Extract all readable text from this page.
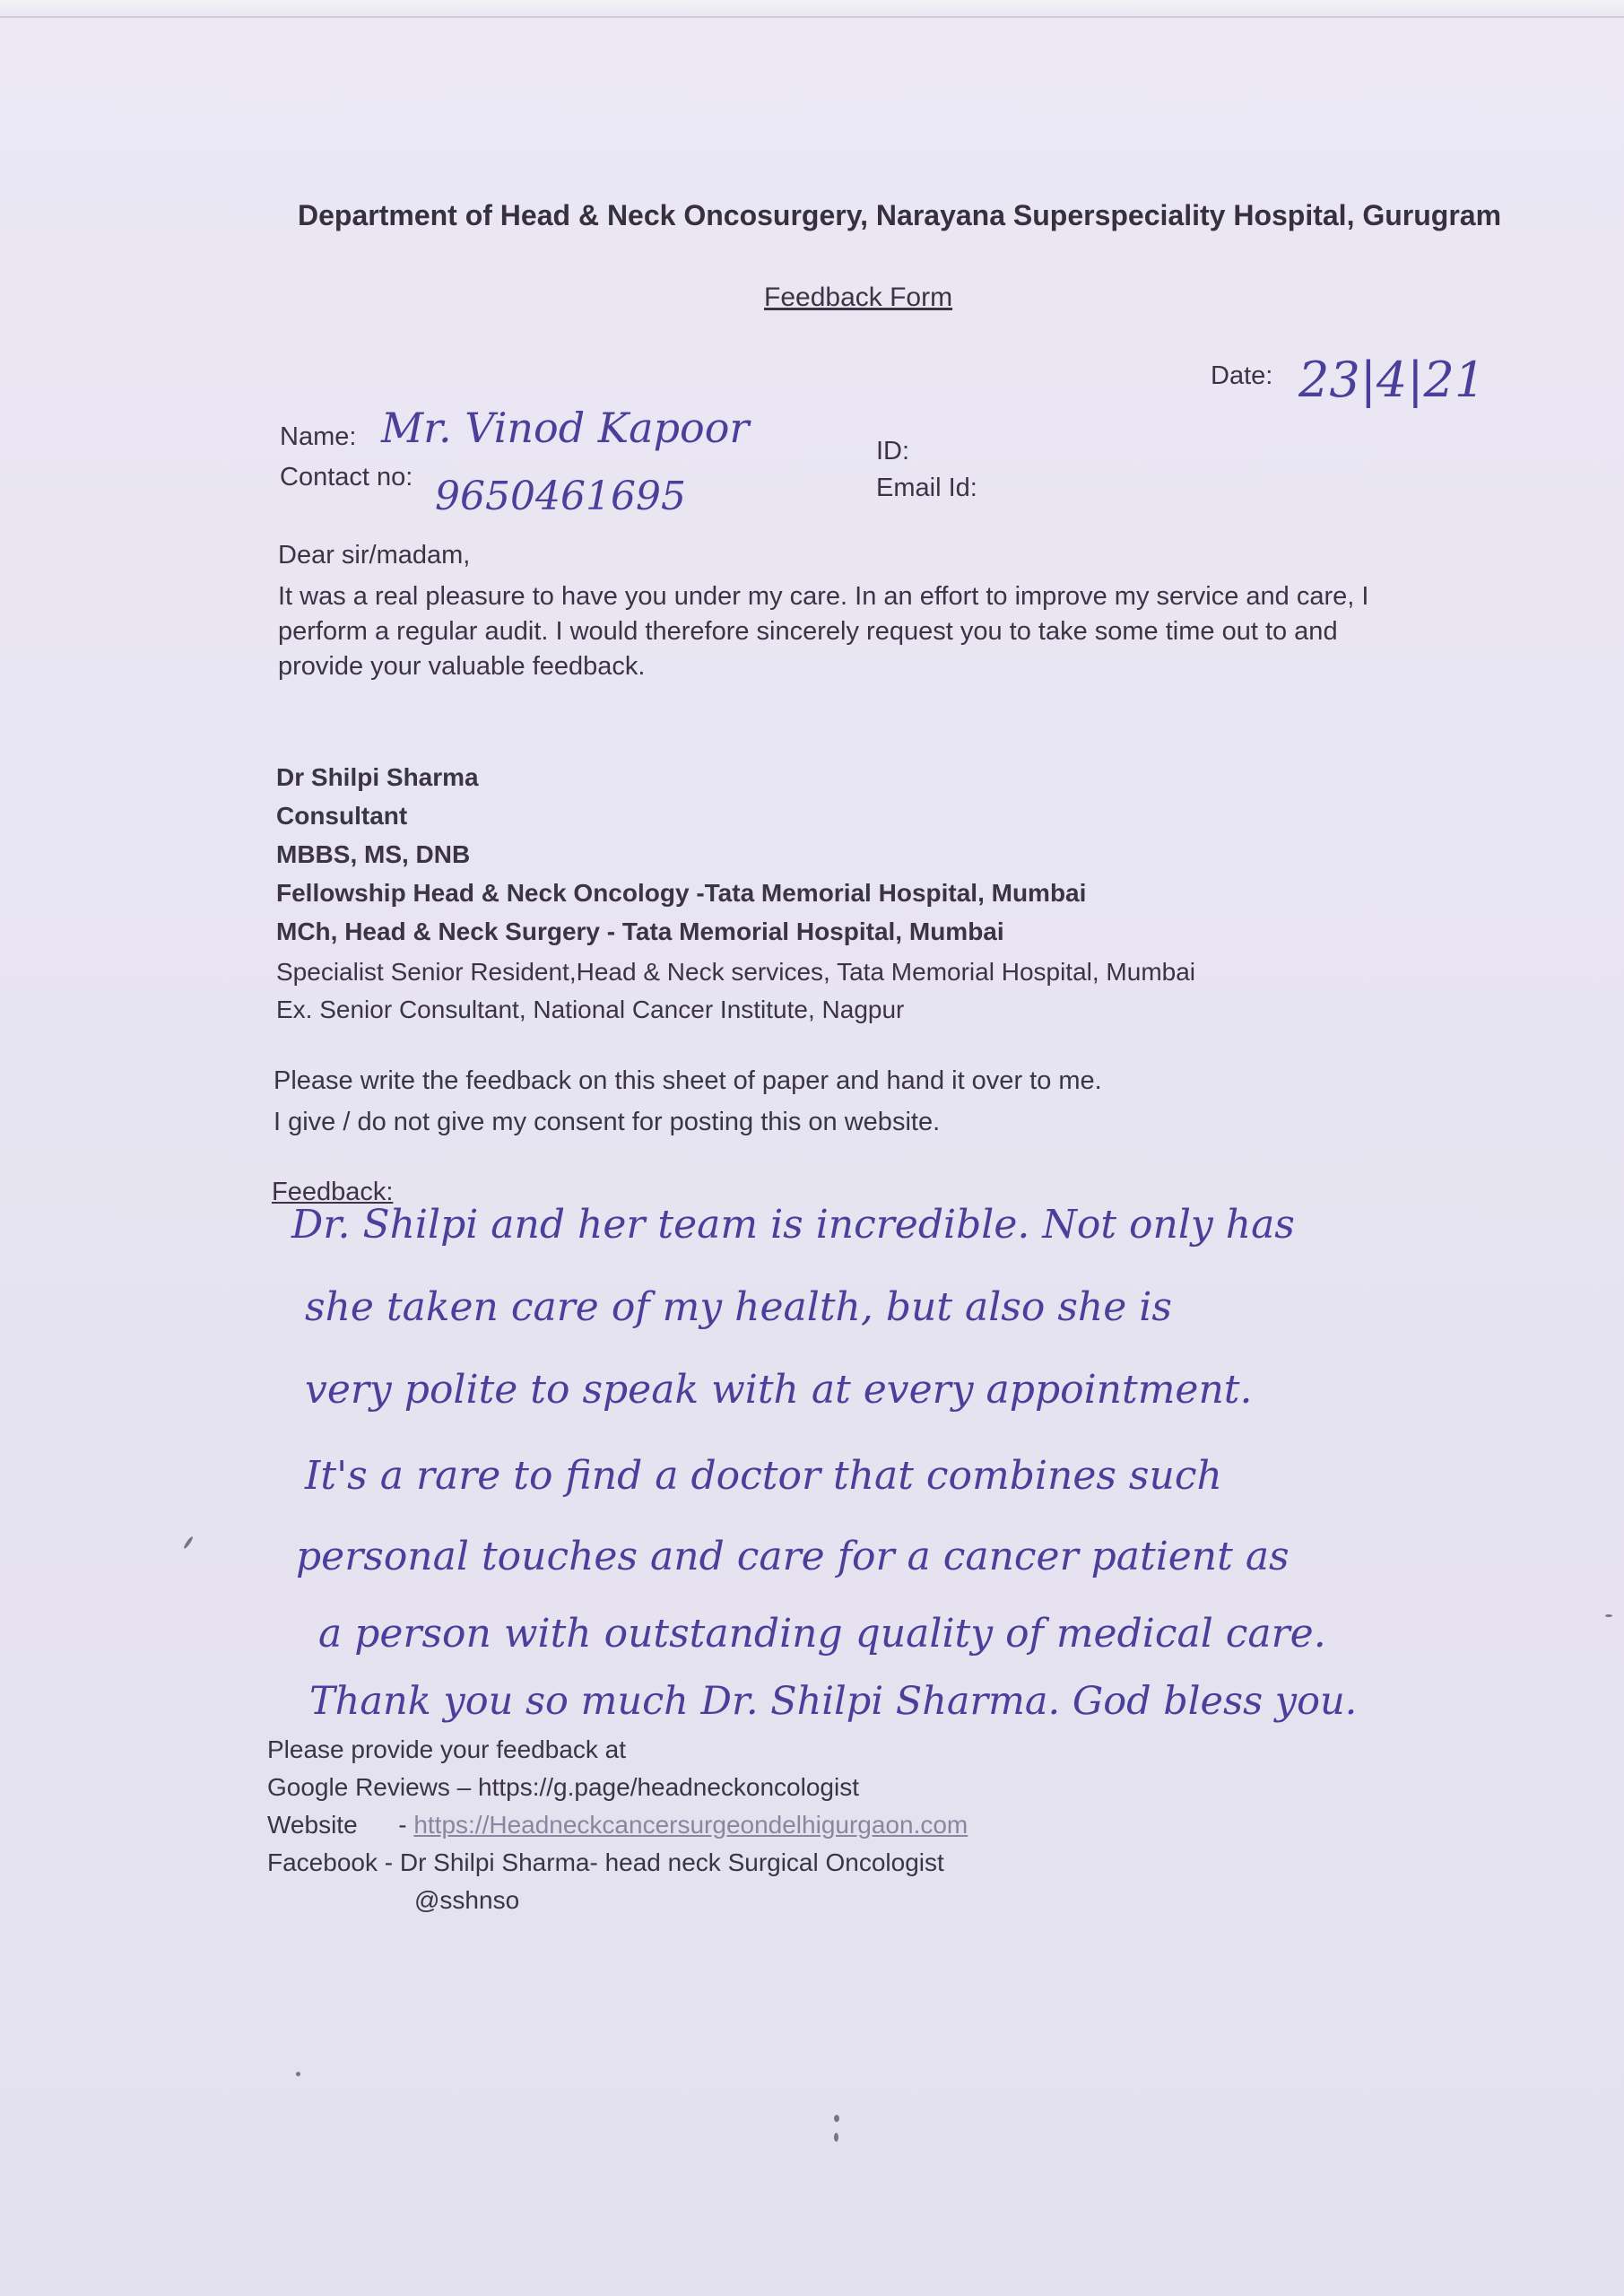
Department of Head & Neck Oncosurgery, Narayana Superspeciality Hospital, Gurugram
Feedback Form
Date: 23|4|21
Name: Mr. Vinod Kapoor
Contact no: 9650461695
ID:
Email Id:
Dear sir/madam,
It was a real pleasure to have you under my care. In an effort to improve my service and care, I perform a regular audit. I would therefore sincerely request you to take some time out to and provide your valuable feedback.
Dr Shilpi Sharma
Consultant
MBBS, MS, DNB
Fellowship Head & Neck Oncology -Tata Memorial Hospital, Mumbai
MCh, Head & Neck Surgery - Tata Memorial Hospital, Mumbai
Specialist Senior Resident,Head & Neck services, Tata Memorial Hospital, Mumbai
Ex. Senior Consultant, National Cancer Institute, Nagpur
Please write the feedback on this sheet of paper and hand it over to me.
I give / do not give my consent for posting this on website.
Feedback:
Dr. Shilpi and her team is incredible. Not only has
she taken care of my health, but also she is
very polite to speak with at every appointment.
It's a rare to find a doctor that combines such
personal touches and care for a cancer patient as
a person with outstanding quality of medical care.
Thank you so much Dr. Shilpi Sharma. God bless you.
Please provide your feedback at
Google Reviews – https://g.page/headneckoncologist
Website - https://Headneckcancersurgeondelhigurgaon.com
Facebook - Dr Shilpi Sharma- head neck Surgical Oncologist
@sshnso
